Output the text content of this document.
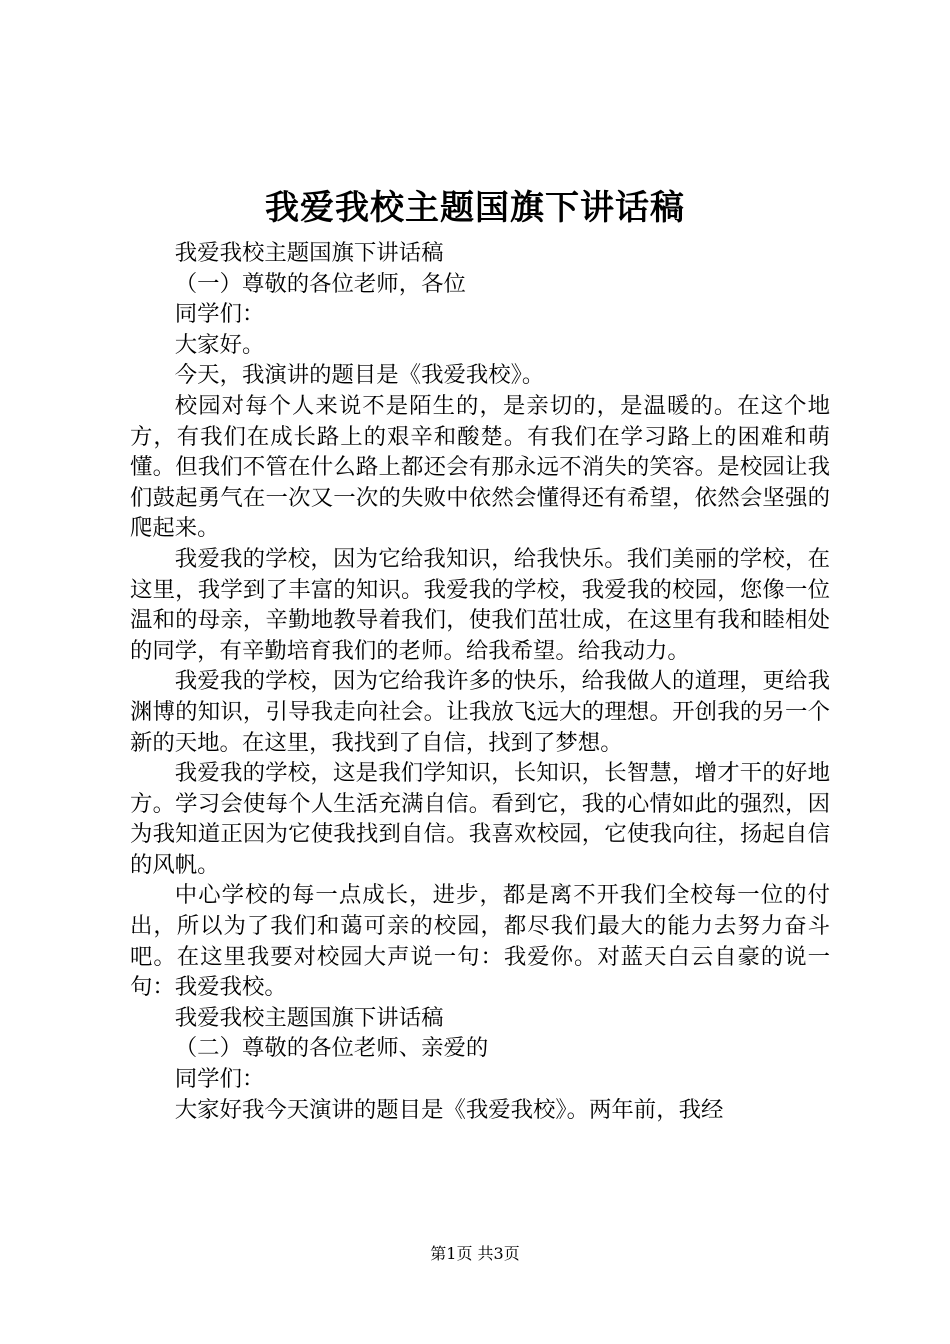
我爱我校主题国旗下讲话稿

我爱我校主题国旗下讲话稿

（一）尊敬的各位老师，各位

同学们：

大家好。

今天，我演讲的题目是《我爱我校》。

校园对每个人来说不是陌生的，是亲切的，是温暖的。在这个地方，有我们在成长路上的艰辛和酸楚。有我们在学习路上的困难和萌懂。但我们不管在什么路上都还会有那永远不消失的笑容。是校园让我们鼓起勇气在一次又一次的失败中依然会懂得还有希望，依然会坚强的爬起来。

我爱我的学校，因为它给我知识，给我快乐。我们美丽的学校，在这里，我学到了丰富的知识。我爱我的学校，我爱我的校园，您像一位温和的母亲，辛勤地教导着我们，使我们茁壮成，在这里有我和睦相处的同学，有辛勤培育我们的老师。给我希望。给我动力。

我爱我的学校，因为它给我许多的快乐，给我做人的道理，更给我渊博的知识，引导我走向社会。让我放飞远大的理想。开创我的另一个新的天地。在这里，我找到了自信，找到了梦想。

我爱我的学校，这是我们学知识，长知识，长智慧，增才干的好地方。学习会使每个人生活充满自信。看到它，我的心情如此的强烈，因为我知道正因为它使我找到自信。我喜欢校园，它使我向往，扬起自信的风帆。

中心学校的每一点成长，进步，都是离不开我们全校每一位的付出，所以为了我们和蔼可亲的校园，都尽我们最大的能力去努力奋斗吧。在这里我要对校园大声说一句：我爱你。对蓝天白云自豪的说一句：我爱我校。

我爱我校主题国旗下讲话稿

（二）尊敬的各位老师、亲爱的

同学们：

大家好我今天演讲的题目是《我爱我校》。两年前，我经

第1页 共3页
